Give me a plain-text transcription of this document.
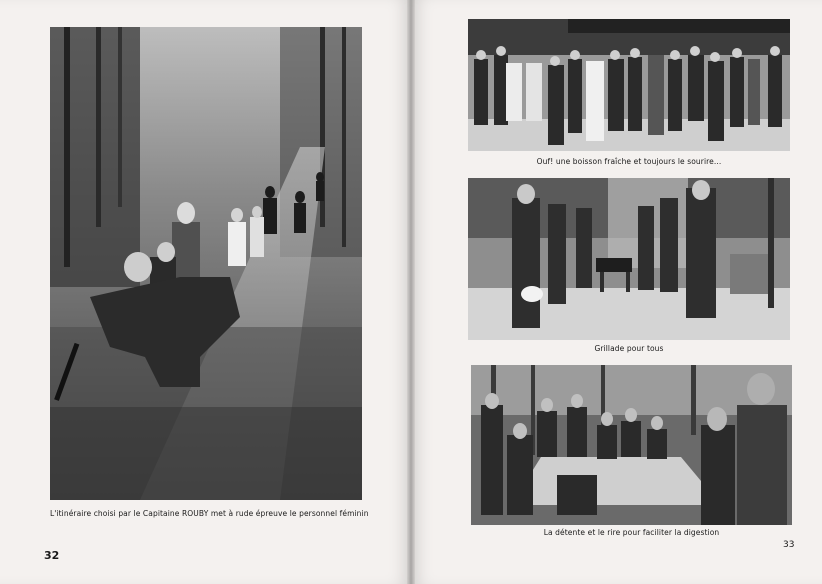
L'itinéraire choisi par le Capitaine ROUBY met à rude épreuve le personnel féminin
32
Ouf! une boisson fraîche et toujours le sourire...
Grillade pour tous
La détente et le rire pour faciliter la digestion
33
